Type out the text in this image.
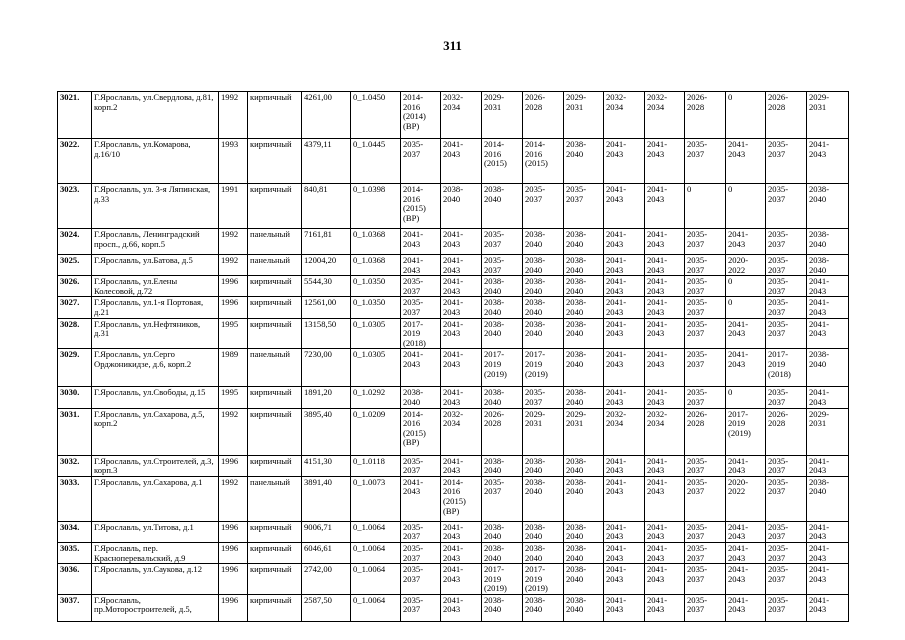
311
3021.	Г.Ярославль, ул.Свердлова, д.81, корп.2	1992	кирпичный	4261,00	0_1.0450	2014-2016 (2014) (ВР)	2032-2034	2029-2031	2026-2028	2029-2031	2032-2034	2032-2034	2026-2028	0	2026-2028	2029-2031
3022.	Г.Ярославль, ул.Комарова, д.16/10	1993	кирпичный	4379,11	0_1.0445	2035-2037	2041-2043	2014-2016 (2015)	2014-2016 (2015)	2038-2040	2041-2043	2041-2043	2035-2037	2041-2043	2035-2037	2041-2043
3023.	Г.Ярославль, ул. 3-я Ляпинская, д.33	1991	кирпичный	840,81	0_1.0398	2014-2016 (2015) (ВР)	2038-2040	2038-2040	2035-2037	2035-2037	2041-2043	2041-2043	0	0	2035-2037	2038-2040
3024.	Г.Ярославль, Ленинградский просп., д.66, корп.5	1992	панельный	7161,81	0_1.0368	2041-2043	2041-2043	2035-2037	2038-2040	2038-2040	2041-2043	2041-2043	2035-2037	2041-2043	2035-2037	2038-2040
3025.	Г.Ярославль, ул.Батова, д.5	1992	панельный	12004,20	0_1.0368	2041-2043	2041-2043	2035-2037	2038-2040	2038-2040	2041-2043	2041-2043	2035-2037	2020-2022	2035-2037	2038-2040
3026.	Г.Ярославль, ул.Елены Колесовой, д.72	1996	кирпичный	5544,30	0_1.0350	2035-2037	2041-2043	2038-2040	2038-2040	2038-2040	2041-2043	2041-2043	2035-2037	0	2035-2037	2041-2043
3027.	Г.Ярославль, ул.1-я Портовая, д.21	1996	кирпичный	12561,00	0_1.0350	2035-2037	2041-2043	2038-2040	2038-2040	2038-2040	2041-2043	2041-2043	2035-2037	0	2035-2037	2041-2043
3028.	Г.Ярославль, ул.Нефтяников, д.31	1995	кирпичный	13158,50	0_1.0305	2017-2019 (2018)	2041-2043	2038-2040	2038-2040	2038-2040	2041-2043	2041-2043	2035-2037	2041-2043	2035-2037	2041-2043
3029.	Г.Ярославль, ул.Серго Орджоникидзе, д.6, корп.2	1989	панельный	7230,00	0_1.0305	2041-2043	2041-2043	2017-2019 (2019)	2017-2019 (2019)	2038-2040	2041-2043	2041-2043	2035-2037	2041-2043	2017-2019 (2018)	2038-2040
3030.	Г.Ярославль, ул.Свободы, д.15	1995	кирпичный	1891,20	0_1.0292	2038-2040	2041-2043	2038-2040	2035-2037	2038-2040	2041-2043	2041-2043	2035-2037	0	2035-2037	2041-2043
3031.	Г.Ярославль, ул.Сахарова, д.5, корп.2	1992	кирпичный	3895,40	0_1.0209	2014-2016 (2015) (ВР)	2032-2034	2026-2028	2029-2031	2029-2031	2032-2034	2032-2034	2026-2028	2017-2019 (2019)	2026-2028	2029-2031
3032.	Г.Ярославль, ул.Строителей, д.3, корп.3	1996	кирпичный	4151,30	0_1.0118	2035-2037	2041-2043	2038-2040	2038-2040	2038-2040	2041-2043	2041-2043	2035-2037	2041-2043	2035-2037	2041-2043
3033.	Г.Ярославль, ул.Сахарова, д.1	1992	панельный	3891,40	0_1.0073	2041-2043	2014-2016 (2015) (ВР)	2035-2037	2038-2040	2038-2040	2041-2043	2041-2043	2035-2037	2020-2022	2035-2037	2038-2040
3034.	Г.Ярославль, ул.Титова, д.1	1996	кирпичный	9006,71	0_1.0064	2035-2037	2041-2043	2038-2040	2038-2040	2038-2040	2041-2043	2041-2043	2035-2037	2041-2043	2035-2037	2041-2043
3035.	Г.Ярославль, пер. Красноперевальский, д.9	1996	кирпичный	6046,61	0_1.0064	2035-2037	2041-2043	2038-2040	2038-2040	2038-2040	2041-2043	2041-2043	2035-2037	2041-2043	2035-2037	2041-2043
3036.	Г.Ярославль, ул.Саукова, д.12	1996	кирпичный	2742,00	0_1.0064	2035-2037	2041-2043	2017-2019 (2019)	2017-2019 (2019)	2038-2040	2041-2043	2041-2043	2035-2037	2041-2043	2035-2037	2041-2043
3037.	Г.Ярославль, пр.Моторостроителей, д.5,	1996	кирпичный	2587,50	0_1.0064	2035-2037	2041-2043	2038-2040	2038-2040	2038-2040	2041-2043	2041-2043	2035-2037	2041-2043	2035-2037	2041-2043
